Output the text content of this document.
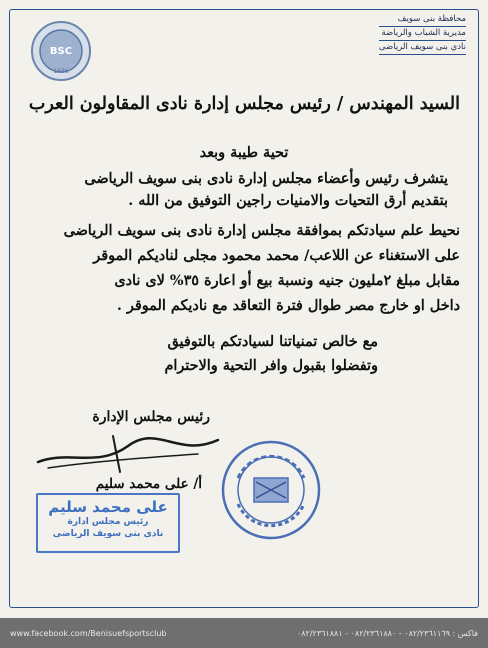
محافظة بنى سويف
مديرية الشباب والرياضة
نادي بنى سويف الرياضى
BSC
1936
السيد المهندس / رئيس مجلس إدارة نادى المقاولون العرب
تحية طيبة وبعد
يتشرف رئيس وأعضاء مجلس إدارة نادى بنى سويف الرياضى
بتقديم أرق التحيات والامنيات راجين التوفيق من الله .
نحيط علم سيادتكم بموافقة مجلس إدارة نادى بنى سويف الرياضى
على الاستغناء عن اللاعب/ محمد محمود مجلى لناديكم الموقر
مقابل مبلغ ٢مليون جنيه ونسبة بيع أو اعارة ٣٥% لاى نادى
داخل او خارج مصر طوال فترة التعاقد مع ناديكم الموقر .
مع خالص تمنياتنا لسيادتكم بالتوفيق
وتفضلوا بقبول وافر التحية والاحترام
رئيس مجلس الإدارة
أ/ على محمد سليم
على محمد سليم
رئيس مجلس ادارة
نادى بنى سويف الرياضى
www.facebook.com/Benisuefsportsclub	فاكس : ٠٨٢/٢٣٦١١٦٩ - ٠٨٢/٢٣٦١٨٨٠ - ٠٨٢/٢٣٦١٨٨١
